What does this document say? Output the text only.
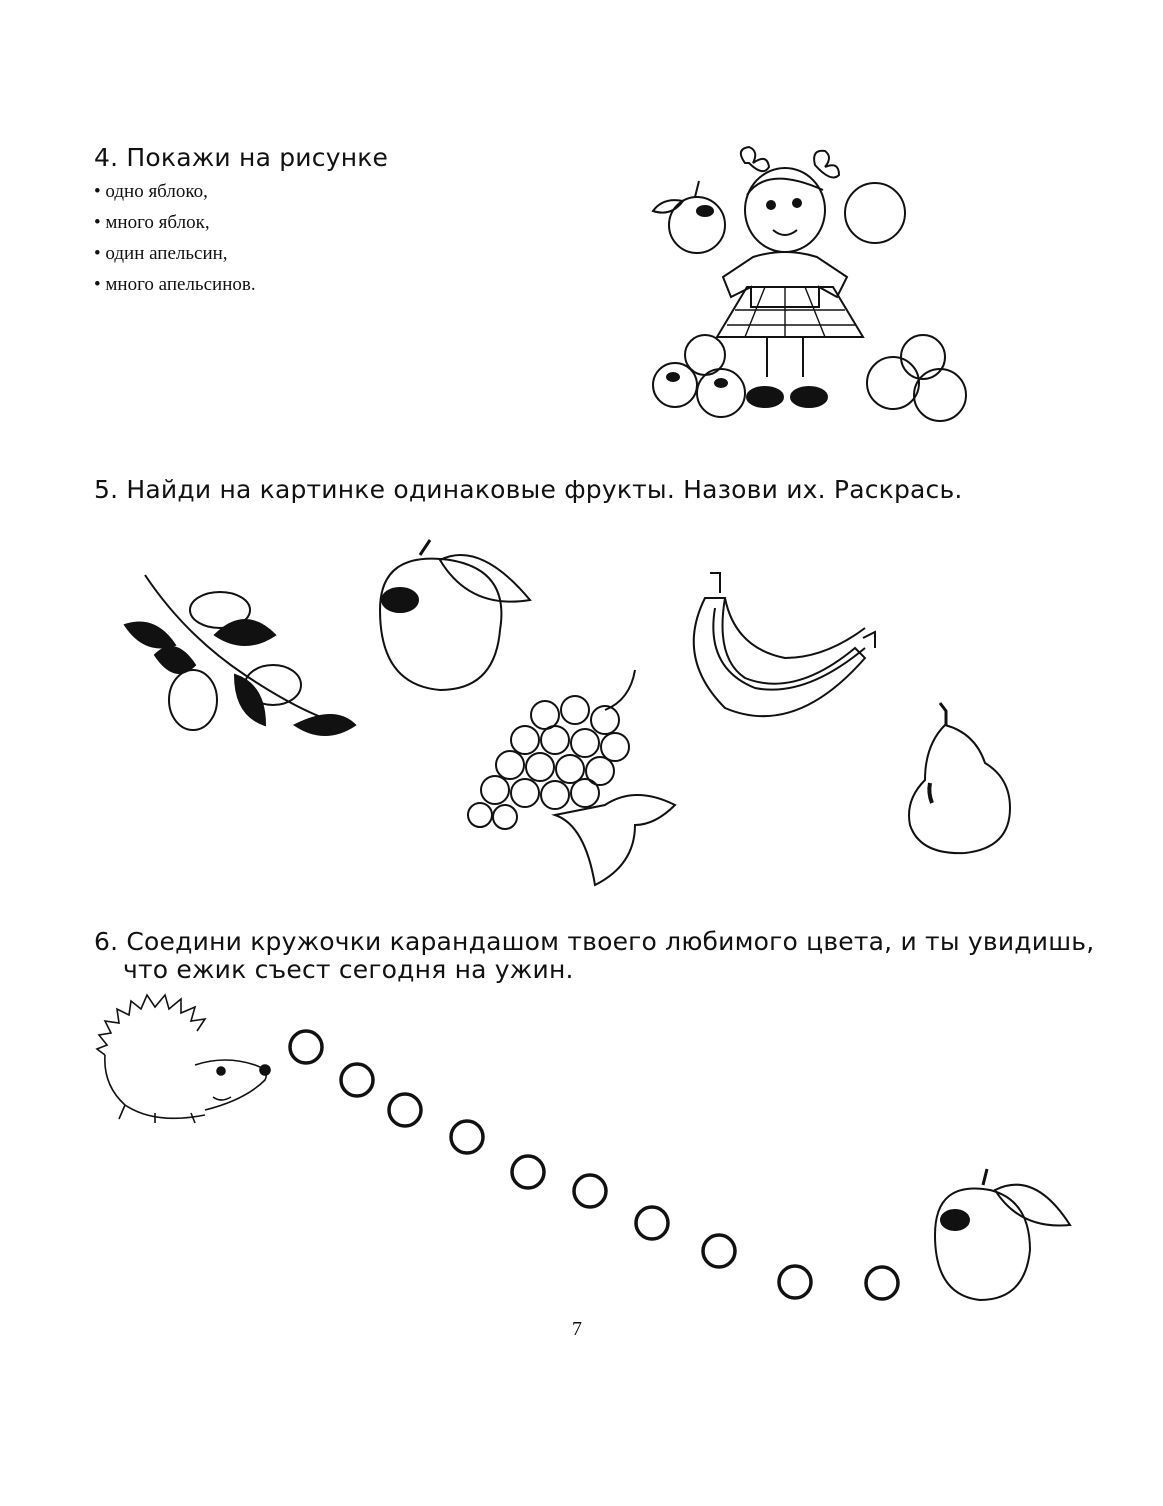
4. Покажи на рисунке
• одно яблоко,
• много яблок,
• один апельсин,
• много апельсинов.
5. Найди на картинке одинаковые фрукты. Назови их. Раскрась.
6. Соедини кружочки карандашом твоего любимого цвета, и ты увидишь,
что ежик съест сегодня на ужин.
7
